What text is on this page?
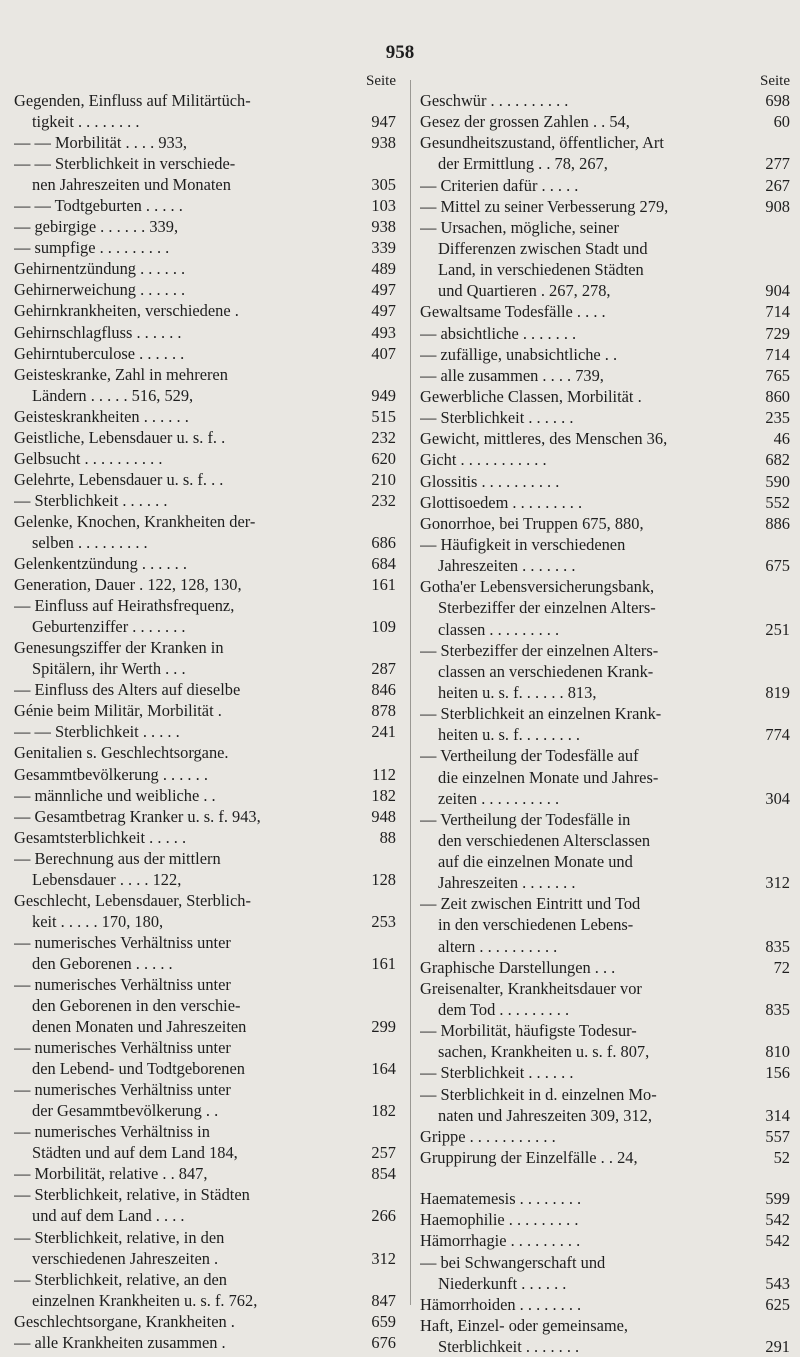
958
Seite
Gegenden, Einfluss auf Militärtüch-
tigkeit . . . . . . . .	947
— — Morbilität . . . . 933,	938
— — Sterblichkeit in verschiede-
nen Jahreszeiten und Monaten	305
— — Todtgeburten . . . . .	103
— gebirgige . . . . . . 339,	938
— sumpfige . . . . . . . . .	339
Gehirnentzündung . . . . . .	489
Gehirnerweichung . . . . . .	497
Gehirnkrankheiten, verschiedene .	497
Gehirnschlagfluss . . . . . .	493
Gehirntuberculose . . . . . .	407
Geisteskranke, Zahl in mehreren
Ländern . . . . . 516, 529,	949
Geisteskrankheiten . . . . . .	515
Geistliche, Lebensdauer u. s. f. .	232
Gelbsucht . . . . . . . . . .	620
Gelehrte, Lebensdauer u. s. f. . .	210
— Sterblichkeit . . . . . .	232
Gelenke, Knochen, Krankheiten der-
selben . . . . . . . . .	686
Gelenkentzündung . . . . . .	684
Generation, Dauer . 122, 128, 130,	161
— Einfluss auf Heirathsfrequenz,
Geburtenziffer . . . . . . .	109
Genesungsziffer der Kranken in
Spitälern, ihr Werth . . .	287
— Einfluss des Alters auf dieselbe	846
Génie beim Militär, Morbilität .	878
— — Sterblichkeit . . . . .	241
Genitalien s. Geschlechtsorgane.
Gesammtbevölkerung . . . . . .	112
— männliche und weibliche . .	182
— Gesamtbetrag Kranker u. s. f. 943,	948
Gesamtsterblichkeit . . . . .	88
— Berechnung aus der mittlern
Lebensdauer . . . . 122,	128
Geschlecht, Lebensdauer, Sterblich-
keit . . . . . 170, 180,	253
— numerisches Verhältniss unter
den Geborenen . . . . .	161
— numerisches Verhältniss unter
den Geborenen in den verschie-
denen Monaten und Jahreszeiten	299
— numerisches Verhältniss unter
den Lebend- und Todtgeborenen	164
— numerisches Verhältniss unter
der Gesammtbevölkerung . .	182
— numerisches Verhältniss in
Städten und auf dem Land 184,	257
— Morbilität, relative . . 847,	854
— Sterblichkeit, relative, in Städten
und auf dem Land . . . .	266
— Sterblichkeit, relative, in den
verschiedenen Jahreszeiten .	312
— Sterblichkeit, relative, an den
einzelnen Krankheiten u. s. f. 762,	847
Geschlechtsorgane, Krankheiten .	659
— alle Krankheiten zusammen .	676
Seite
Geschwür . . . . . . . . . .	698
Gesez der grossen Zahlen . . 54,	60
Gesundheitszustand, öffentlicher, Art
der Ermittlung . . 78, 267,	277
— Criterien dafür . . . . .	267
— Mittel zu seiner Verbesserung 279,	908
— Ursachen, mögliche, seiner
Differenzen zwischen Stadt und
Land, in verschiedenen Städten
und Quartieren . 267, 278,	904
Gewaltsame Todesfälle . . . .	714
— absichtliche . . . . . . .	729
— zufällige, unabsichtliche . .	714
— alle zusammen . . . . 739,	765
Gewerbliche Classen, Morbilität .	860
— Sterblichkeit . . . . . .	235
Gewicht, mittleres, des Menschen 36,	46
Gicht . . . . . . . . . . .	682
Glossitis . . . . . . . . . .	590
Glottisoedem . . . . . . . . .	552
Gonorrhoe, bei Truppen 675, 880,	886
— Häufigkeit in verschiedenen
Jahreszeiten . . . . . . .	675
Gotha'er Lebensversicherungsbank,
Sterbeziffer der einzelnen Alters-
classen . . . . . . . . .	251
— Sterbeziffer der einzelnen Alters-
classen an verschiedenen Krank-
heiten u. s. f. . . . . . 813,	819
— Sterblichkeit an einzelnen Krank-
heiten u. s. f. . . . . . . .	774
— Vertheilung der Todesfälle auf
die einzelnen Monate und Jahres-
zeiten . . . . . . . . . .	304
— Vertheilung der Todesfälle in
den verschiedenen Altersclassen
auf die einzelnen Monate und
Jahreszeiten . . . . . . .	312
— Zeit zwischen Eintritt und Tod
in den verschiedenen Lebens-
altern . . . . . . . . . .	835
Graphische Darstellungen . . .	72
Greisenalter, Krankheitsdauer vor
dem Tod . . . . . . . . .	835
— Morbilität, häufigste Todesur-
sachen, Krankheiten u. s. f. 807,	810
— Sterblichkeit . . . . . .	156
— Sterblichkeit in d. einzelnen Mo-
naten und Jahreszeiten 309, 312,	314
Grippe . . . . . . . . . . .	557
Gruppirung der Einzelfälle . . 24,	52
Haematemesis . . . . . . . .	599
Haemophilie . . . . . . . . .	542
Hämorrhagie . . . . . . . . .	542
— bei Schwangerschaft und
Niederkunft . . . . . .	543
Hämorrhoiden . . . . . . . .	625
Haft, Einzel- oder gemeinsame,
Sterblichkeit . . . . . . .	291
